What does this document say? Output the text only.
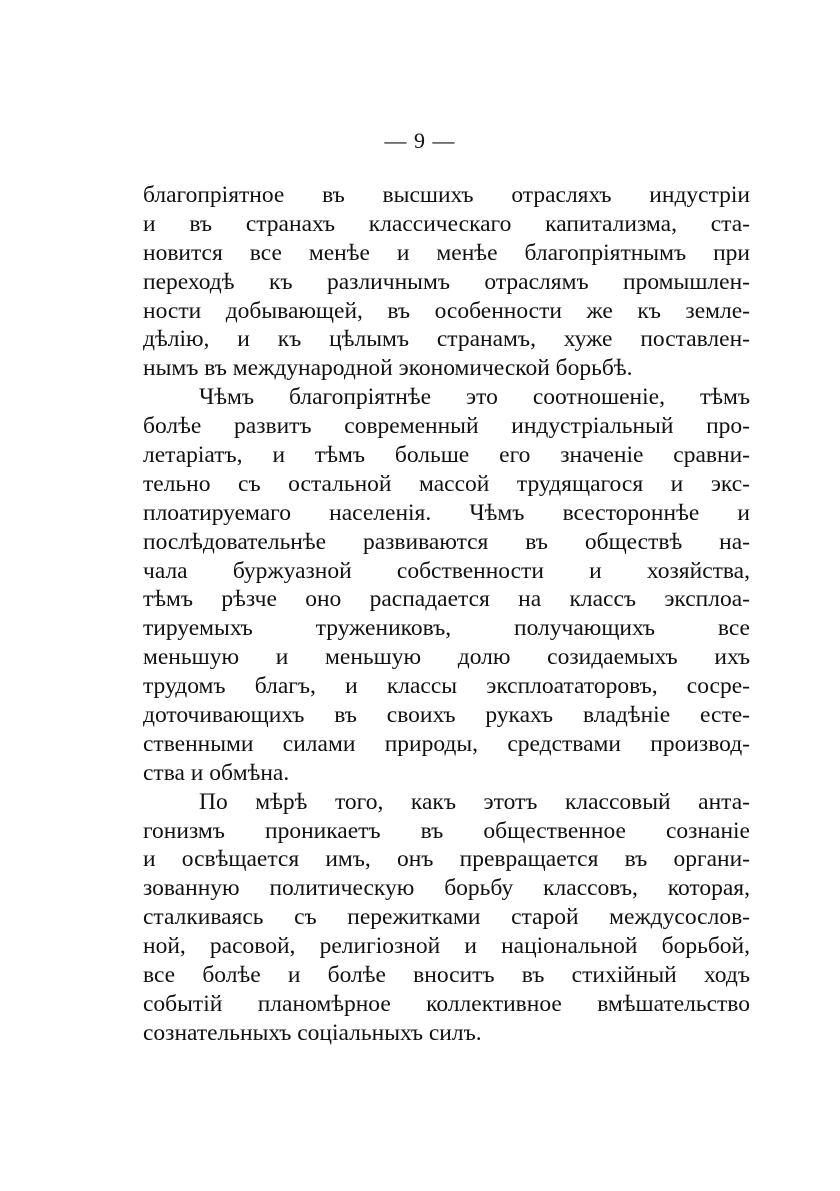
— 9 —
благопріятное въ высшихъ отрасляхъ индустріи
и въ странахъ классическаго капитализма, ста-
новится все менѣе и менѣе благопріятнымъ при
переходѣ къ различнымъ отраслямъ промышлен-
ности добывающей, въ особенности же къ земле-
дѣлію, и къ цѣлымъ странамъ, хуже поставлен-
нымъ въ международной экономической борьбѣ.
Чѣмъ благопріятнѣе это соотношеніе, тѣмъ
болѣе развитъ современный индустріальный про-
летаріатъ, и тѣмъ больше его значеніе сравни-
тельно съ остальной массой трудящагося и экс-
плоатируемаго населенія. Чѣмъ всестороннѣе и
послѣдовательнѣе развиваются въ обществѣ на-
чала буржуазной собственности и хозяйства,
тѣмъ рѣзче оно распадается на классъ эксплоа-
тируемыхъ тружениковъ, получающихъ все
меньшую и меньшую долю созидаемыхъ ихъ
трудомъ благъ, и классы эксплоататоровъ, сосре-
доточивающихъ въ своихъ рукахъ владѣніе есте-
ственными силами природы, средствами производ-
ства и обмѣна.
По мѣрѣ того, какъ этотъ классовый анта-
гонизмъ проникаетъ въ общественное сознаніе
и освѣщается имъ, онъ превращается въ органи-
зованную политическую борьбу классовъ, которая,
сталкиваясь съ пережитками старой междусослов-
ной, расовой, религіозной и національной борьбой,
все болѣе и болѣе вноситъ въ стихійный ходъ
событій планомѣрное коллективное вмѣшательство
сознательныхъ соціальныхъ силъ.
